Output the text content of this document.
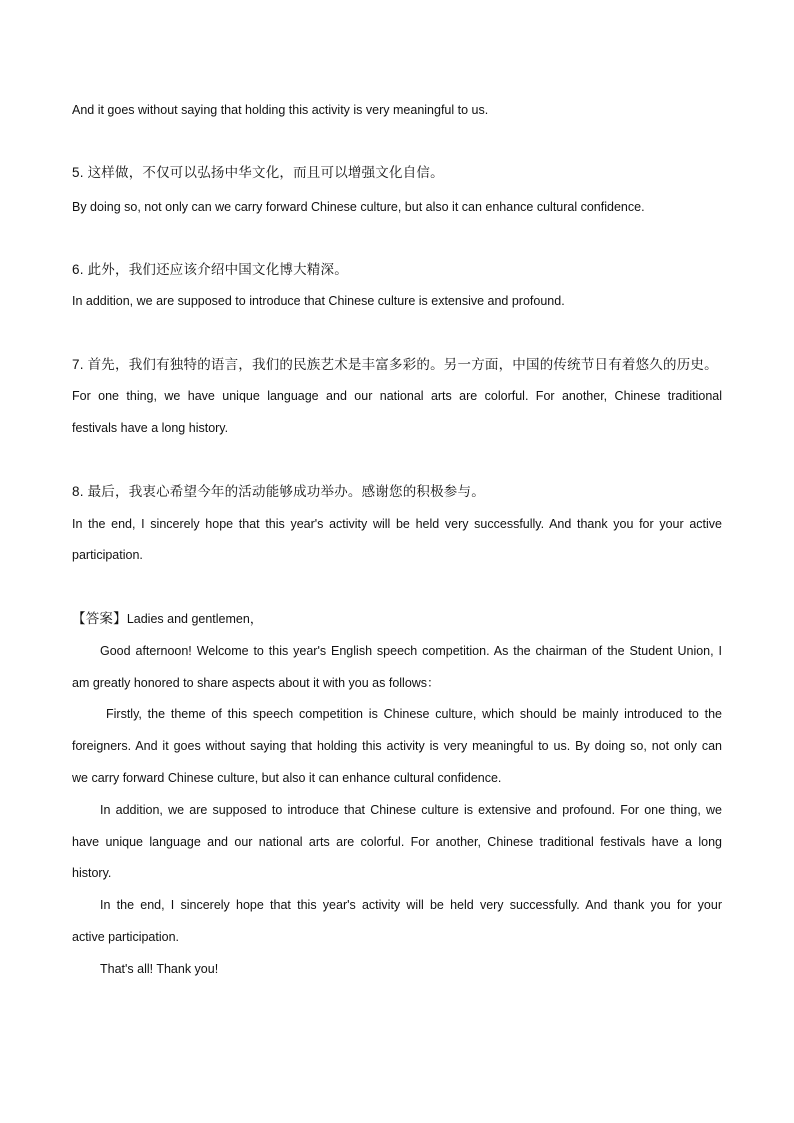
And it goes without saying that holding this activity is very meaningful to us.
5. 这样做，不仅可以弘扬中华文化，而且可以增强文化自信。
By doing so, not only can we carry forward Chinese culture, but also it can enhance cultural confidence.
6. 此外，我们还应该介绍中国文化博大精深。
In addition, we are supposed to introduce that Chinese culture is extensive and profound.
7. 首先，我们有独特的语言，我们的民族艺术是丰富多彩的。另一方面，中国的传统节日有着悠久的历史。
For one thing, we have unique language and our national arts are colorful. For another, Chinese traditional
festivals have a long history.
8. 最后，我衷心希望今年的活动能够成功举办。感谢您的积极参与。
In the end, I sincerely hope that this year's activity will be held very successfully. And thank you for your active
participation.
【答案】Ladies and gentlemen，
Good afternoon! Welcome to this year's English speech competition. As the chairman of the Student Union, I
am greatly honored to share aspects about it with you as follows：
Firstly, the theme of this speech competition is Chinese culture, which should be mainly introduced to the
foreigners. And it goes without saying that holding this activity is very meaningful to us. By doing so, not only can
we carry forward Chinese culture, but also it can enhance cultural confidence.
In addition, we are supposed to introduce that Chinese culture is extensive and profound. For one thing, we
have unique language and our national arts are colorful. For another, Chinese traditional festivals have a long
history.
In the end, I sincerely hope that this year's activity will be held very successfully. And thank you for your
active participation.
That's all! Thank you!
